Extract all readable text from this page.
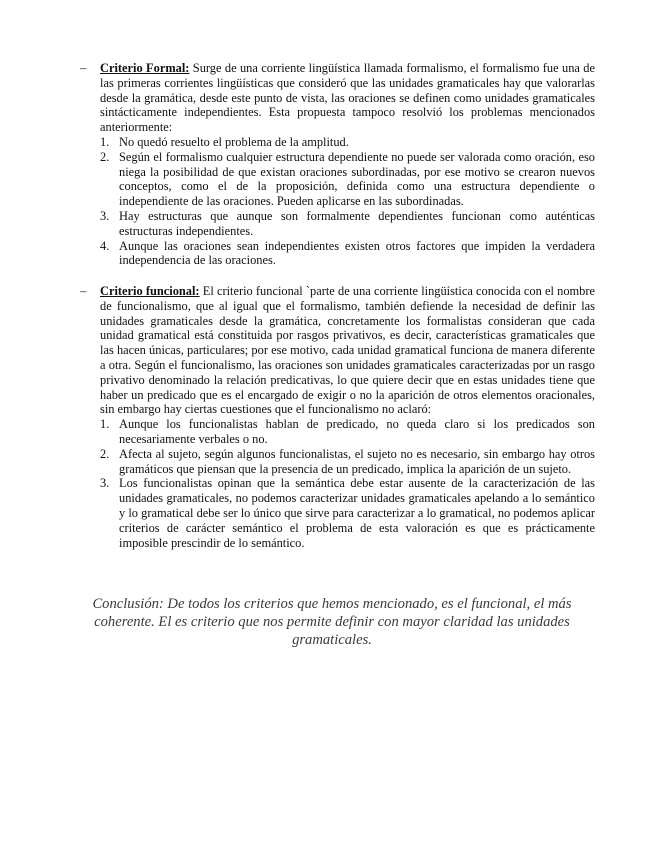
– Criterio Formal: Surge de una corriente lingüística llamada formalismo, el formalismo fue una de las primeras corrientes lingüísticas que consideró que las unidades gramaticales hay que valorarlas desde la gramática, desde este punto de vista, las oraciones se definen como unidades gramaticales sintácticamente independientes. Esta propuesta tampoco resolvió los problemas mencionados anteriormente:

1. No quedó resuelto el problema de la amplitud.
2. Según el formalismo cualquier estructura dependiente no puede ser valorada como oración, eso niega la posibilidad de que existan oraciones subordinadas, por ese motivo se crearon nuevos conceptos, como el de la proposición, definida como una estructura dependiente o independiente de las oraciones. Pueden aplicarse en las subordinadas.
3. Hay estructuras que aunque son formalmente dependientes funcionan como auténticas estructuras independientes.
4. Aunque las oraciones sean independientes existen otros factores que impiden la verdadera independencia de las oraciones.
– Criterio funcional: El criterio funcional `parte de una corriente lingüística conocida con el nombre de funcionalismo, que al igual que el formalismo, también defiende la necesidad de definir las unidades gramaticales desde la gramática, concretamente los formalistas consideran que cada unidad gramatical está constituida por rasgos privativos, es decir, características gramaticales que las hacen únicas, particulares; por ese motivo, cada unidad gramatical funciona de manera diferente a otra. Según el funcionalismo, las oraciones son unidades gramaticales caracterizadas por un rasgo privativo denominado la relación predicativas, lo que quiere decir que en estas unidades tiene que haber un predicado que es el encargado de exigir o no la aparición de otros elementos oracionales, sin embargo hay ciertas cuestiones que el funcionalismo no aclaró:

1. Aunque los funcionalistas hablan de predicado, no queda claro si los predicados son necesariamente verbales o no.
2. Afecta al sujeto, según algunos funcionalistas, el sujeto no es necesario, sin embargo hay otros gramáticos que piensan que la presencia de un predicado, implica la aparición de un sujeto.
3. Los funcionalistas opinan que la semántica debe estar ausente de la caracterización de las unidades gramaticales, no podemos caracterizar unidades gramaticales apelando a lo semántico y lo gramatical debe ser lo único que sirve para caracterizar a lo gramatical, no podemos aplicar criterios de carácter semántico el problema de esta valoración es que es prácticamente imposible prescindir de lo semántico.

Conclusión: De todos los criterios que hemos mencionado, es el funcional, el más coherente. El es criterio que nos permite definir con mayor claridad las unidades gramaticales.
